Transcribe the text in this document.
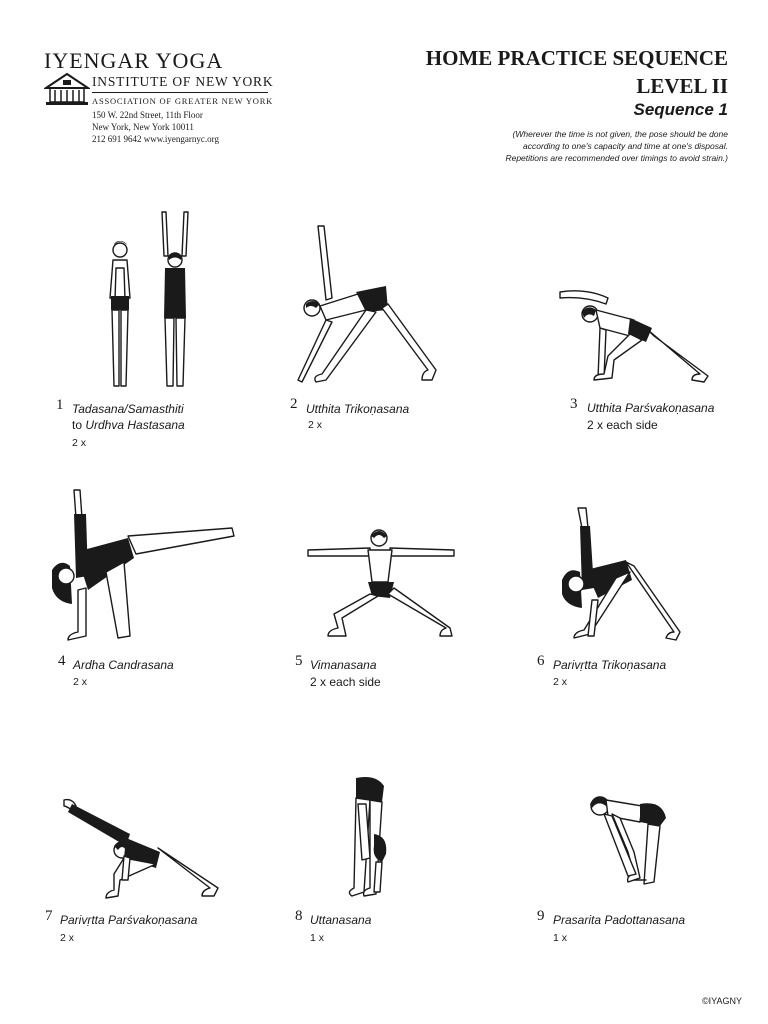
IYENGAR YOGA
INSTITUTE OF NEW YORK
ASSOCIATION OF GREATER NEW YORK
150 W. 22nd Street, 11th Floor
New York, New York 10011
212 691 9642 www.iyengarnyc.org
HOME PRACTICE SEQUENCE
LEVEL II
Sequence 1
(Wherever the time is not given, the pose should be done
according to one's capacity and time at one's disposal.
Repetitions are recommended over timings to avoid strain.)
1 Tadasana/Samasthiti
to Urdhva Hastasana
2 x
2 Utthita Trikoṇasana
2 x
3 Utthita Parśvakoṇasana
2 x each side
4 Ardha Candrasana
2 x
5 Vimanasana
2 x each side
6 Parivṛtta Trikoṇasana
2 x
7 Parivṛtta Parśvakoṇasana
2 x
8 Uttanasana
1 x
9 Prasarita Padottanasana
1 x
©IYAGNY
